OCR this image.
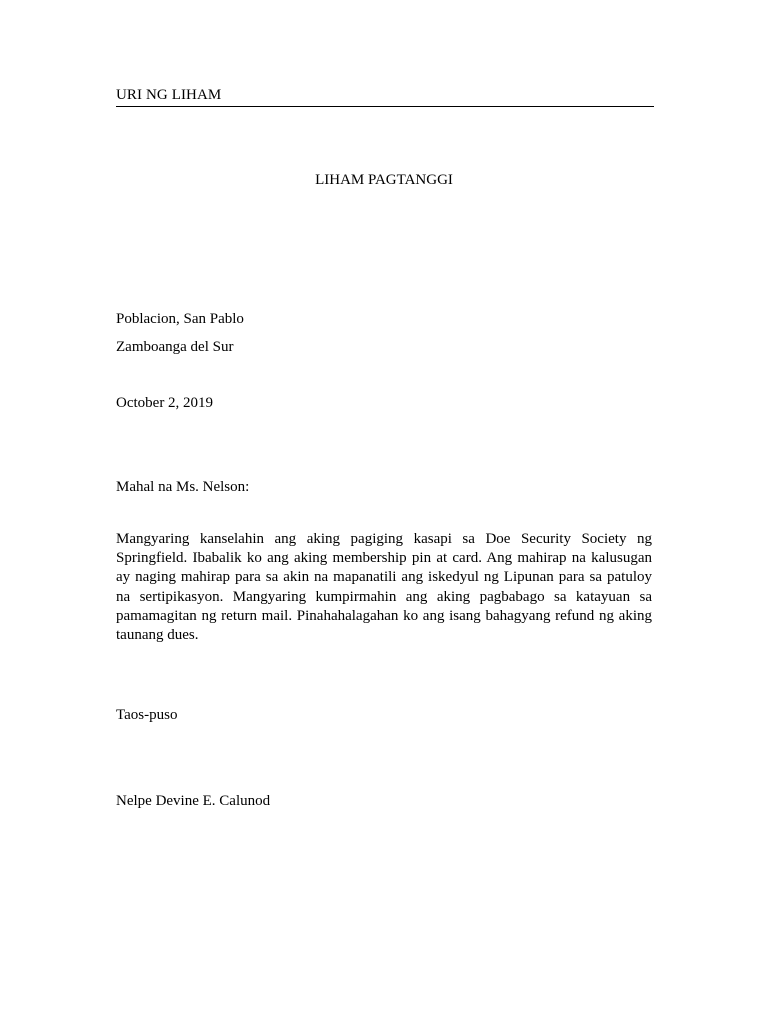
URI NG LIHAM
LIHAM PAGTANGGI
Poblacion, San Pablo
Zamboanga del Sur
October 2, 2019
Mahal na Ms. Nelson:
Mangyaring kanselahin ang aking pagiging kasapi sa Doe Security Society ng Springfield. Ibabalik ko ang aking membership pin at card. Ang mahirap na kalusugan ay naging mahirap para sa akin na mapanatili ang iskedyul ng Lipunan para sa patuloy na sertipikasyon. Mangyaring kumpirmahin ang aking pagbabago sa katayuan sa pamamagitan ng return mail. Pinahahalagahan ko ang isang bahagyang refund ng aking taunang dues.
Taos-puso
Nelpe Devine E. Calunod
